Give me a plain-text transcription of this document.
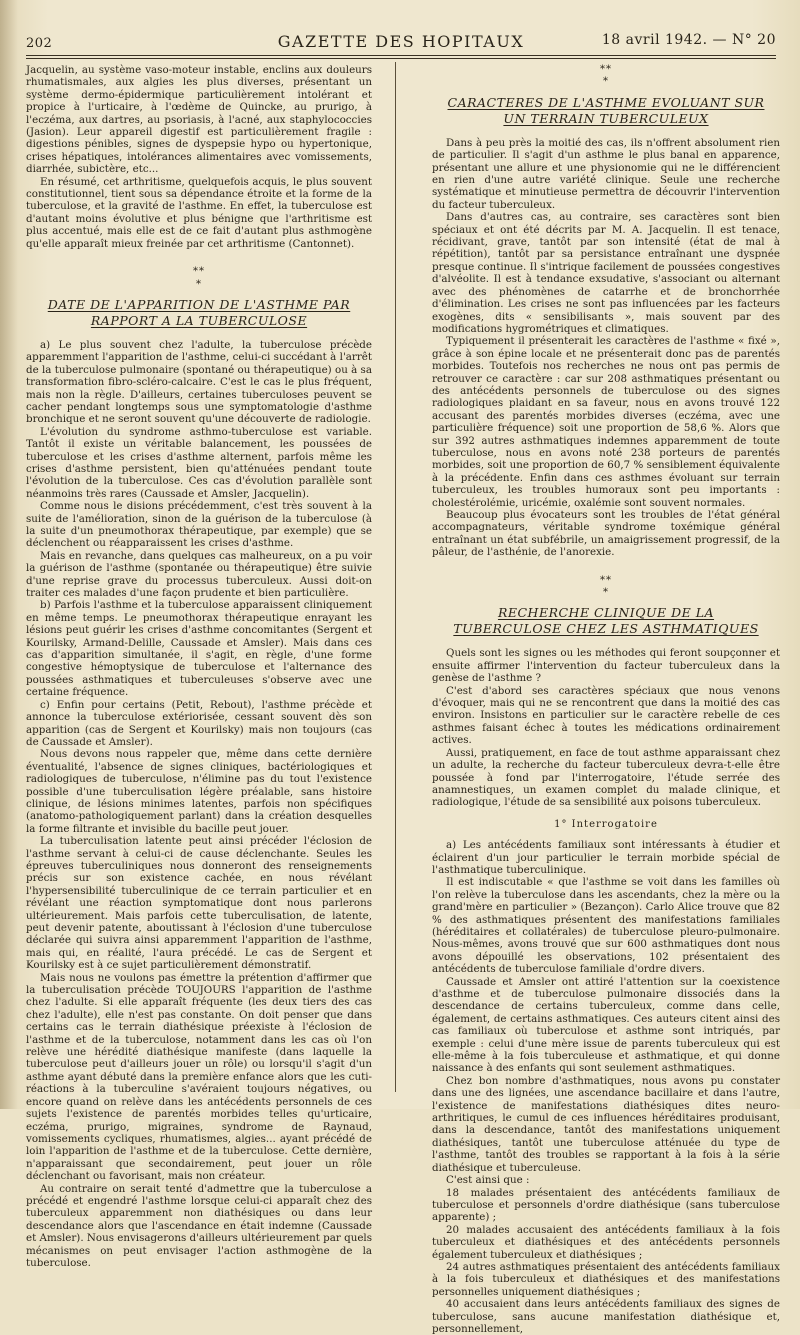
202	GAZETTE DES HOPITAUX	18 avril 1942. — N° 20

Jacquelin, au système vaso-moteur instable, enclins aux douleurs rhumatismales, aux algies les plus diverses, présentant un système dermo-épidermique particulièrement intolérant et propice à l'urticaire, à l'œdème de Quincke, au prurigo, à l'eczéma, aux dartres, au psoriasis, à l'acné, aux staphylococcies (Jasion). Leur appareil digestif est particulièrement fragile : digestions pénibles, signes de dyspepsie hypo ou hypertonique, crises hépatiques, intolérances alimentaires avec vomissements, diarrhée, subictère, etc...

En résumé, cet arthritisme, quelquefois acquis, le plus souvent constitutionnel, tient sous sa dépendance étroite et la forme de la tuberculose, et la gravité de l'asthme. En effet, la tuberculose est d'autant moins évolutive et plus bénigne que l'arthritisme est plus accentué, mais elle est de ce fait d'autant plus asthmogène qu'elle apparaît mieux freinée par cet arthritisme (Cantonnet).

**
*
DATE DE L'APPARITION DE L'ASTHME PAR RAPPORT A LA TUBERCULOSE

a) Le plus souvent chez l'adulte, la tuberculose précède apparemment l'apparition de l'asthme, celui-ci succédant à l'arrêt de la tuberculose pulmonaire (spontané ou thérapeutique) ou à sa transformation fibro-scléro-calcaire. C'est le cas le plus fréquent, mais non la règle. D'ailleurs, certaines tuberculoses peuvent se cacher pendant longtemps sous une symptomatologie d'asthme bronchique et ne seront souvent qu'une découverte de radiologie.

L'évolution du syndrome asthmo-tuberculose est variable. Tantôt il existe un véritable balancement, les poussées de tuberculose et les crises d'asthme alternent, parfois même les crises d'asthme persistent, bien qu'atténuées pendant toute l'évolution de la tuberculose. Ces cas d'évolution parallèle sont néanmoins très rares (Caussade et Amsler, Jacquelin).

Comme nous le disions précédemment, c'est très souvent à la suite de l'amélioration, sinon de la guérison de la tuberculose (à la suite d'un pneumothorax thérapeutique, par exemple) que se déclenchent ou réapparaissent les crises d'asthme.

Mais en revanche, dans quelques cas malheureux, on a pu voir la guérison de l'asthme (spontanée ou thérapeutique) être suivie d'une reprise grave du processus tuberculeux. Aussi doit-on traiter ces malades d'une façon prudente et bien particulière.

b) Parfois l'asthme et la tuberculose apparaissent cliniquement en même temps. Le pneumothorax thérapeutique enrayant les lésions peut guérir les crises d'asthme concomitantes (Sergent et Kourilsky, Armand-Delille, Caussade et Amsler). Mais dans ces cas d'apparition simultanée, il s'agit, en règle, d'une forme congestive hémoptysique de tuberculose et l'alternance des poussées asthmatiques et tuberculeuses s'observe avec une certaine fréquence.

c) Enfin pour certains (Petit, Rebout), l'asthme précède et annonce la tuberculose extériorisée, cessant souvent dès son apparition (cas de Sergent et Kourilsky) mais non toujours (cas de Caussade et Amsler).

Nous devons nous rappeler que, même dans cette dernière éventualité, l'absence de signes cliniques, bactériologiques et radiologiques de tuberculose, n'élimine pas du tout l'existence possible d'une tuberculisation légère préalable, sans histoire clinique, de lésions minimes latentes, parfois non spécifiques (anatomo-pathologiquement parlant) dans la création desquelles la forme filtrante et invisible du bacille peut jouer.

La tuberculisation latente peut ainsi précéder l'éclosion de l'asthme servant à celui-ci de cause déclenchante. Seules les épreuves tuberculiniques nous donneront des renseignements précis sur son existence cachée, en nous révélant l'hypersensibilité tuberculinique de ce terrain particulier et en révélant une réaction symptomatique dont nous parlerons ultérieurement. Mais parfois cette tuberculisation, de latente, peut devenir patente, aboutissant à l'éclosion d'une tuberculose déclarée qui suivra ainsi apparemment l'apparition de l'asthme, mais qui, en réalité, l'aura précédé. Le cas de Sergent et Kourilsky est à ce sujet particulièrement démonstratif.

Mais nous ne voulons pas émettre la prétention d'affirmer que la tuberculisation précède TOUJOURS l'apparition de l'asthme chez l'adulte. Si elle apparaît fréquente (les deux tiers des cas chez l'adulte), elle n'est pas constante. On doit penser que dans certains cas le terrain diathésique préexiste à l'éclosion de l'asthme et de la tuberculose, notamment dans les cas où l'on relève une hérédité diathésique manifeste (dans laquelle la tuberculose peut d'ailleurs jouer un rôle) ou lorsqu'il s'agit d'un asthme ayant débuté dans la première enfance alors que les cuti-réactions à la tuberculine s'avéraient toujours négatives, ou encore quand on relève dans les antécédents personnels de ces sujets l'existence de parentés morbides telles qu'urticaire, eczéma, prurigo, migraines, syndrome de Raynaud, vomissements cycliques, rhumatismes, algies... ayant précédé de loin l'apparition de l'asthme et de la tuberculose. Cette dernière, n'apparaissant que secondairement, peut jouer un rôle déclenchant ou favorisant, mais non créateur.

Au contraire on serait tenté d'admettre que la tuberculose a précédé et engendré l'asthme lorsque celui-ci apparaît chez des tuberculeux apparemment non diathésiques ou dans leur descendance alors que l'ascendance en était indemne (Caussade et Amsler). Nous envisagerons d'ailleurs ultérieurement par quels mécanismes on peut envisager l'action asthmogène de la tuberculose.

**
*
CARACTERES DE L'ASTHME EVOLUANT SUR UN TERRAIN TUBERCULEUX

Dans à peu près la moitié des cas, ils n'offrent absolument rien de particulier. Il s'agit d'un asthme le plus banal en apparence, présentant une allure et une physionomie qui ne le différencient en rien d'une autre variété clinique. Seule une recherche systématique et minutieuse permettra de découvrir l'intervention du facteur tuberculeux.

Dans d'autres cas, au contraire, ses caractères sont bien spéciaux et ont été décrits par M. A. Jacquelin. Il est tenace, récidivant, grave, tantôt par son intensité (état de mal à répétition), tantôt par sa persistance entraînant une dyspnée presque continue. Il s'intrique facilement de poussées congestives d'alvéolite. Il est à tendance exsudative, s'associant ou alternant avec des phénomènes de catarrhe et de bronchorrhée d'élimination. Les crises ne sont pas influencées par les facteurs exogènes, dits « sensibilisants », mais souvent par des modifications hygrométriques et climatiques.

Typiquement il présenterait les caractères de l'asthme « fixé », grâce à son épine locale et ne présenterait donc pas de parentés morbides. Toutefois nos recherches ne nous ont pas permis de retrouver ce caractère : car sur 208 asthmatiques présentant ou des antécédents personnels de tuberculose ou des signes radiologiques plaidant en sa faveur, nous en avons trouvé 122 accusant des parentés morbides diverses (eczéma, avec une particulière fréquence) soit une proportion de 58,6 %. Alors que sur 392 autres asthmatiques indemnes apparemment de toute tuberculose, nous en avons noté 238 porteurs de parentés morbides, soit une proportion de 60,7 % sensiblement équivalente à la précédente. Enfin dans ces asthmes évoluant sur terrain tuberculeux, les troubles humoraux sont peu importants : cholestérolémie, uricémie, oxalémie sont souvent normales.

Beaucoup plus évocateurs sont les troubles de l'état général accompagnateurs, véritable syndrome toxémique général entraînant un état subfébrile, un amaigrissement progressif, de la pâleur, de l'asthénie, de l'anorexie.

**
*
RECHERCHE CLINIQUE DE LA TUBERCULOSE CHEZ LES ASTHMATIQUES

Quels sont les signes ou les méthodes qui feront soupçonner et ensuite affirmer l'intervention du facteur tuberculeux dans la genèse de l'asthme ?

C'est d'abord ses caractères spéciaux que nous venons d'évoquer, mais qui ne se rencontrent que dans la moitié des cas environ. Insistons en particulier sur le caractère rebelle de ces asthmes faisant échec à toutes les médications ordinairement actives.

Aussi, pratiquement, en face de tout asthme apparaissant chez un adulte, la recherche du facteur tuberculeux devra-t-elle être poussée à fond par l'interrogatoire, l'étude serrée des anamnestiques, un examen complet du malade clinique, et radiologique, l'étude de sa sensibilité aux poisons tuberculeux.

1° Interrogatoire

a) Les antécédents familiaux sont intéressants à étudier et éclairent d'un jour particulier le terrain morbide spécial de l'asthmatique tuberculinique.

Il est indiscutable « que l'asthme se voit dans les familles où l'on relève la tuberculose dans les ascendants, chez la mère ou la grand'mère en particulier » (Bezançon). Carlo Alice trouve que 82 % des asthmatiques présentent des manifestations familiales (héréditaires et collatérales) de tuberculose pleuro-pulmonaire. Nous-mêmes, avons trouvé que sur 600 asthmatiques dont nous avons dépouillé les observations, 102 présentaient des antécédents de tuberculose familiale d'ordre divers.

Caussade et Amsler ont attiré l'attention sur la coexistence d'asthme et de tuberculose pulmonaire dissociés dans la descendance de certains tuberculeux, comme dans celle, également, de certains asthmatiques. Ces auteurs citent ainsi des cas familiaux où tuberculose et asthme sont intriqués, par exemple : celui d'une mère issue de parents tuberculeux qui est elle-même à la fois tuberculeuse et asthmatique, et qui donne naissance à des enfants qui sont seulement asthmatiques.

Chez bon nombre d'asthmatiques, nous avons pu constater dans une des lignées, une ascendance bacillaire et dans l'autre, l'existence de manifestations diathésiques dites neuro-arthritiques, le cumul de ces influences héréditaires produisant, dans la descendance, tantôt des manifestations uniquement diathésiques, tantôt une tuberculose atténuée du type de l'asthme, tantôt des troubles se rapportant à la fois à la série diathésique et tuberculeuse.

C'est ainsi que :

18 malades présentaient des antécédents familiaux de tuberculose et personnels d'ordre diathésique (sans tuberculose apparente) ;

20 malades accusaient des antécédents familiaux à la fois tuberculeux et diathésiques et des antécédents personnels également tuberculeux et diathésiques ;

24 autres asthmatiques présentaient des antécédents familiaux à la fois tuberculeux et diathésiques et des manifestations personnelles uniquement diathésiques ;

40 accusaient dans leurs antécédents familiaux des signes de tuberculose, sans aucune manifestation diathésique et, personnellement,
